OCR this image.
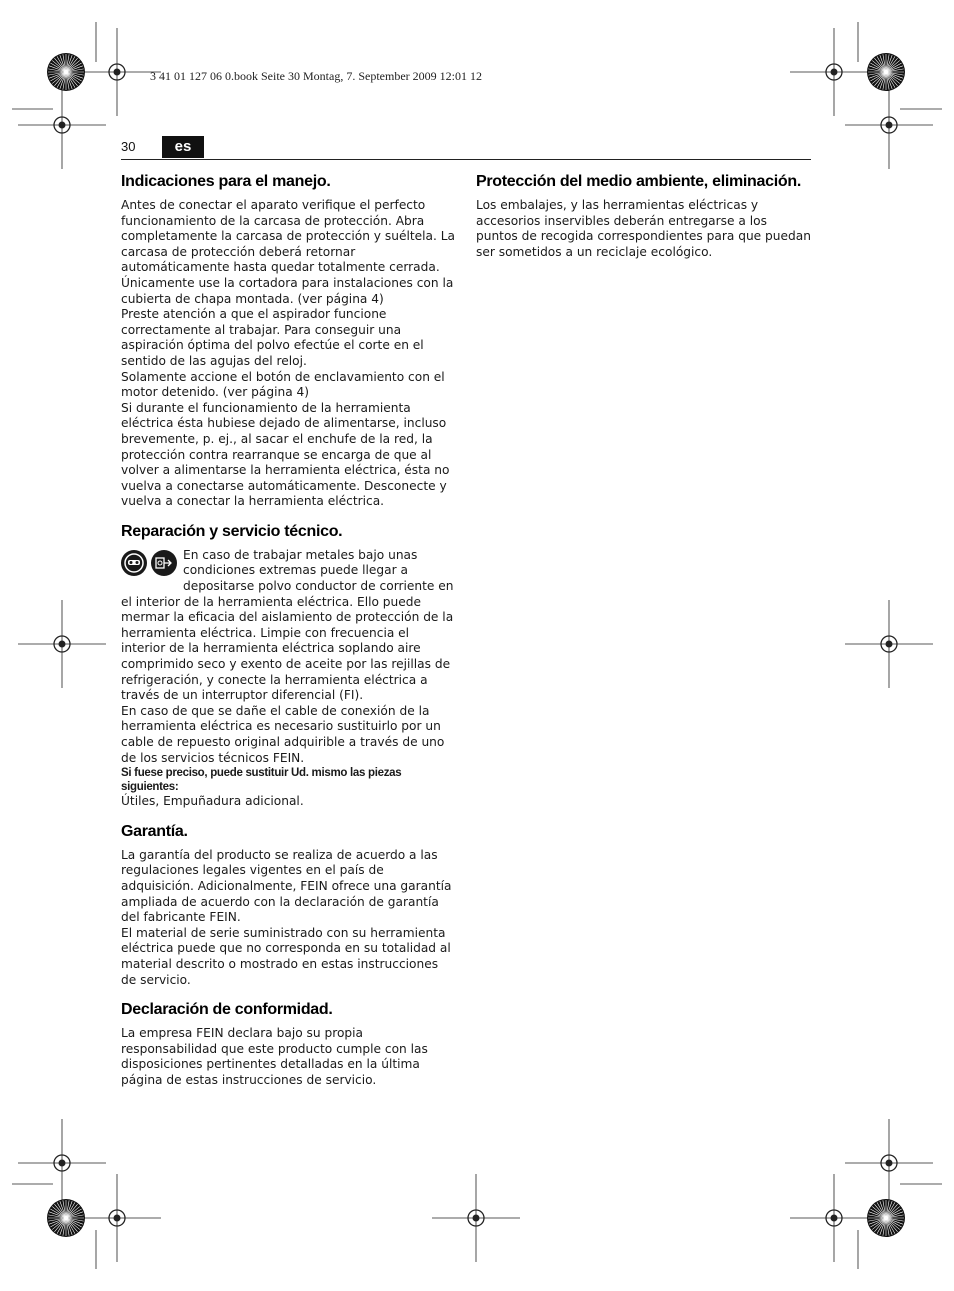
3 41 01 127 06 0.book Seite 30 Montag, 7. September 2009 12:01 12
30	es
Indicaciones para el manejo.

Antes de conectar el aparato verifique el perfecto funcionamiento de la carcasa de protección. Abra completamente la carcasa de protección y suéltela. La carcasa de protección deberá retornar automáticamente hasta quedar totalmente cerrada.

Únicamente use la cortadora para instalaciones con la cubierta de chapa montada. (ver página 4)

Preste atención a que el aspirador funcione correctamente al trabajar. Para conseguir una aspiración óptima del polvo efectúe el corte en el sentido de las agujas del reloj.

Solamente accione el botón de enclavamiento con el motor detenido. (ver página 4)

Si durante el funcionamiento de la herramienta eléctrica ésta hubiese dejado de alimentarse, incluso brevemente, p. ej., al sacar el enchufe de la red, la protección contra rearranque se encarga de que al volver a alimentarse la herramienta eléctrica, ésta no vuelva a conectarse automáticamente. Desconecte y vuelva a conectar la herramienta eléctrica.

Reparación y servicio técnico.

En caso de trabajar metales bajo unas condiciones extremas puede llegar a depositarse polvo conductor de corriente en el interior de la herramienta eléctrica. Ello puede mermar la eficacia del aislamiento de protección de la herramienta eléctrica. Limpie con frecuencia el interior de la herramienta eléctrica soplando aire comprimido seco y exento de aceite por las rejillas de refrigeración, y conecte la herramienta eléctrica a través de un interruptor diferencial (FI).

En caso de que se dañe el cable de conexión de la herramienta eléctrica es necesario sustituirlo por un cable de repuesto original adquirible a través de uno de los servicios técnicos FEIN.

Si fuese preciso, puede sustituir Ud. mismo las piezas siguientes:

Útiles, Empuñadura adicional.

Garantía.

La garantía del producto se realiza de acuerdo a las regulaciones legales vigentes en el país de adquisición. Adicionalmente, FEIN ofrece una garantía ampliada de acuerdo con la declaración de garantía del fabricante FEIN.

El material de serie suministrado con su herramienta eléctrica puede que no corresponda en su totalidad al material descrito o mostrado en estas instrucciones de servicio.

Declaración de conformidad.

La empresa FEIN declara bajo su propia responsabilidad que este producto cumple con las disposiciones pertinentes detalladas en la última página de estas instrucciones de servicio.

Protección del medio ambiente, eliminación.

Los embalajes, y las herramientas eléctricas y accesorios inservibles deberán entregarse a los puntos de recogida correspondientes para que puedan ser sometidos a un reciclaje ecológico.
